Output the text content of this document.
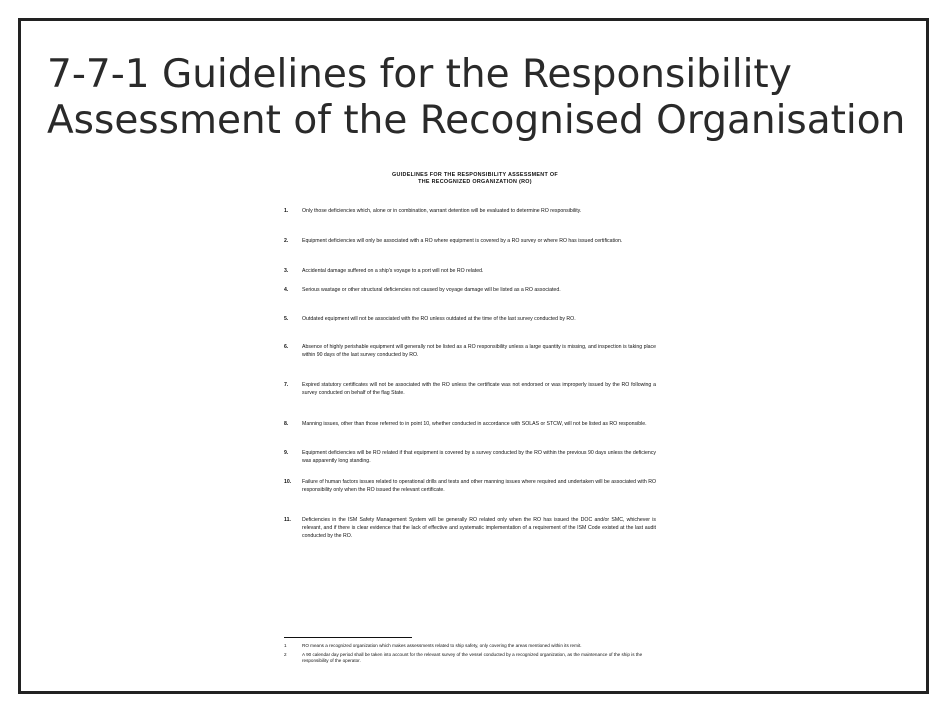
7-7-1 Guidelines for the Responsibility
Assessment of the Recognised Organisation
GUIDELINES FOR THE RESPONSIBILITY ASSESSMENT OF
THE RECOGNIZED ORGANIZATION (RO)
1.	Only those deficiencies which, alone or in combination, warrant detention will be evaluated to determine RO responsibility.
2.	Equipment deficiencies will only be associated with a RO where equipment is covered by a RO survey or where RO has issued certification.
3.	Accidental damage suffered on a ship's voyage to a port will not be RO related.
4.	Serious wastage or other structural deficiencies not caused by voyage damage will be listed as a RO associated.
5.	Outdated equipment will not be associated with the RO unless outdated at the time of the last survey conducted by RO.
6.	Absence of highly perishable equipment will generally not be listed as a RO responsibility unless a large quantity is missing, and inspection is taking place within 90 days of the last survey conducted by RO.
7.	Expired statutory certificates will not be associated with the RO unless the certificate was not endorsed or was improperly issued by the RO following a survey conducted on behalf of the flag State.
8.	Manning issues, other than those referred to in point 10, whether conducted in accordance with SOLAS or STCW, will not be listed as RO responsible.
9.	Equipment deficiencies will be RO related if that equipment is covered by a survey conducted by the RO within the previous 90 days unless the deficiency was apparently long standing.
10.	Failure of human factors issues related to operational drills and tests and other manning issues where required and undertaken will be associated with RO responsibility only when the RO issued the relevant certificate.
11.	Deficiencies in the ISM Safety Management System will be generally RO related only when the RO has issued the DOC and/or SMC, whichever is relevant, and if there is clear evidence that the lack of effective and systematic implementation of a requirement of the ISM Code existed at the last audit conducted by the RO.
1	RO means a recognized organization which makes assessments related to ship safety, only covering the areas mentioned within its remit.
2	A 90 calendar day period shall be taken into account for the relevant survey of the vessel conducted by a recognized organization, as the maintenance of the ship is the responsibility of the operator.
